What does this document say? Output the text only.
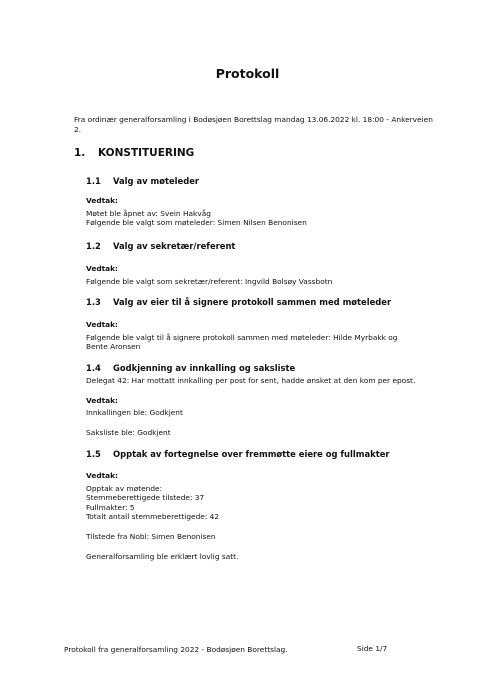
Protokoll
Fra ordinær generalforsamling i Bodøsjøen Borettslag mandag 13.06.2022 kl. 18:00 - Ankerveien 2.
1. KONSTITUERING
1.1 Valg av møteleder
Vedtak:
Møtet ble åpnet av: Svein Hakvåg
Følgende ble valgt som møteleder: Simen Nilsen Benonisen
1.2 Valg av sekretær/referent
Vedtak:
Følgende ble valgt som sekretær/referent: Ingvild Bolsøy Vassbotn
1.3 Valg av eier til å signere protokoll sammen med møteleder
Vedtak:
Følgende ble valgt til å signere protokoll sammen med møteleder: Hilde Myrbakk og Bente Aronsen
1.4 Godkjenning av innkalling og saksliste
Delegat 42: Har mottatt innkalling per post for sent, hadde ønsket at den kom per epost.
Vedtak:
Innkallingen ble: Godkjent
Saksliste ble: Godkjent
1.5 Opptak av fortegnelse over fremmøtte eiere og fullmakter
Vedtak:
Opptak av møtende:
Stemmeberettigede tilstede: 37
Fullmakter: 5
Totalt antall stemmeberettigede: 42
Tilstede fra Nobl: Simen Benonisen
Generalforsamling ble erklært lovlig satt.
Protokoll fra generalforsamling 2022 - Bodøsjøen Borettslag.	Side 1/7
